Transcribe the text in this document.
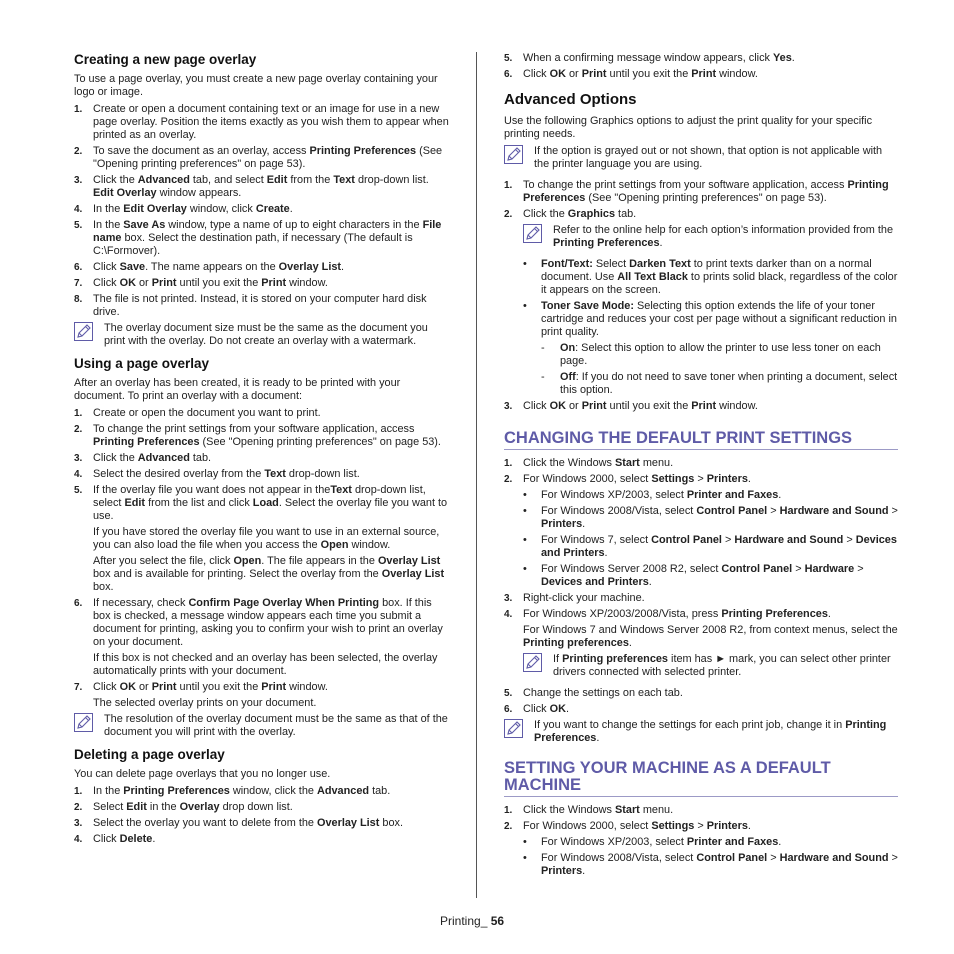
Creating a new page overlay

To use a page overlay, you must create a new page overlay containing your logo or image.

1. Create or open a document containing text or an image for use in a new page overlay. Position the items exactly as you wish them to appear when printed as an overlay.
2. To save the document as an overlay, access Printing Preferences (See "Opening printing preferences" on page 53).
3. Click the Advanced tab, and select Edit from the Text drop-down list. Edit Overlay window appears.
4. In the Edit Overlay window, click Create.
5. In the Save As window, type a name of up to eight characters in the File name box. Select the destination path, if necessary (The default is C:\Formover).
6. Click Save. The name appears on the Overlay List.
7. Click OK or Print until you exit the Print window.
8. The file is not printed. Instead, it is stored on your computer hard disk drive.
The overlay document size must be the same as the document you print with the overlay. Do not create an overlay with a watermark.
Using a page overlay

After an overlay has been created, it is ready to be printed with your document. To print an overlay with a document:

1. Create or open the document you want to print.
2. To change the print settings from your software application, access Printing Preferences (See "Opening printing preferences" on page 53).
3. Click the Advanced tab.
4. Select the desired overlay from the Text drop-down list.
5. If the overlay file you want does not appear in theText drop-down list, select Edit from the list and click Load. Select the overlay file you want to use.
If you have stored the overlay file you want to use in an external source, you can also load the file when you access the Open window.
After you select the file, click Open. The file appears in the Overlay List box and is available for printing. Select the overlay from the Overlay List box.
6. If necessary, check Confirm Page Overlay When Printing box. If this box is checked, a message window appears each time you submit a document for printing, asking you to confirm your wish to print an overlay on your document.
If this box is not checked and an overlay has been selected, the overlay automatically prints with your document.
7. Click OK or Print until you exit the Print window.
The selected overlay prints on your document.
The resolution of the overlay document must be the same as that of the document you will print with the overlay.
Deleting a page overlay

You can delete page overlays that you no longer use.

1. In the Printing Preferences window, click the Advanced tab.
2. Select Edit in the Overlay drop down list.
3. Select the overlay you want to delete from the Overlay List box.
4. Click Delete.
5. When a confirming message window appears, click Yes.
6. Click OK or Print until you exit the Print window.
Advanced Options

Use the following Graphics options to adjust the print quality for your specific printing needs.

If the option is grayed out or not shown, that option is not applicable with the printer language you are using.
1. To change the print settings from your software application, access Printing Preferences (See "Opening printing preferences" on page 53).
2. Click the Graphics tab.
Refer to the online help for each option’s information provided from the Printing Preferences.
• Font/Text: Select Darken Text to print texts darker than on a normal document. Use All Text Black to prints solid black, regardless of the color it appears on the screen.
• Toner Save Mode: Selecting this option extends the life of your toner cartridge and reduces your cost per page without a significant reduction in print quality.
- On: Select this option to allow the printer to use less toner on each page.
- Off: If you do not need to save toner when printing a document, select this option.
3. Click OK or Print until you exit the Print window.
CHANGING THE DEFAULT PRINT SETTINGS
1. Click the Windows Start menu.
2. For Windows 2000, select Settings > Printers.
• For Windows XP/2003, select Printer and Faxes.
• For Windows 2008/Vista, select Control Panel > Hardware and Sound > Printers.
• For Windows 7, select Control Panel > Hardware and Sound > Devices and Printers.
• For Windows Server 2008 R2, select Control Panel > Hardware > Devices and Printers.
3. Right-click your machine.
4. For Windows XP/2003/2008/Vista, press Printing Preferences.
For Windows 7 and Windows Server 2008 R2, from context menus, select the Printing preferences.
If Printing preferences item has ► mark, you can select other printer drivers connected with selected printer.
5. Change the settings on each tab.
6. Click OK.
If you want to change the settings for each print job, change it in Printing Preferences.
SETTING YOUR MACHINE AS A DEFAULT MACHINE
1. Click the Windows Start menu.
2. For Windows 2000, select Settings > Printers.
• For Windows XP/2003, select Printer and Faxes.
• For Windows 2008/Vista, select Control Panel > Hardware and Sound > Printers.
Printing_ 56
